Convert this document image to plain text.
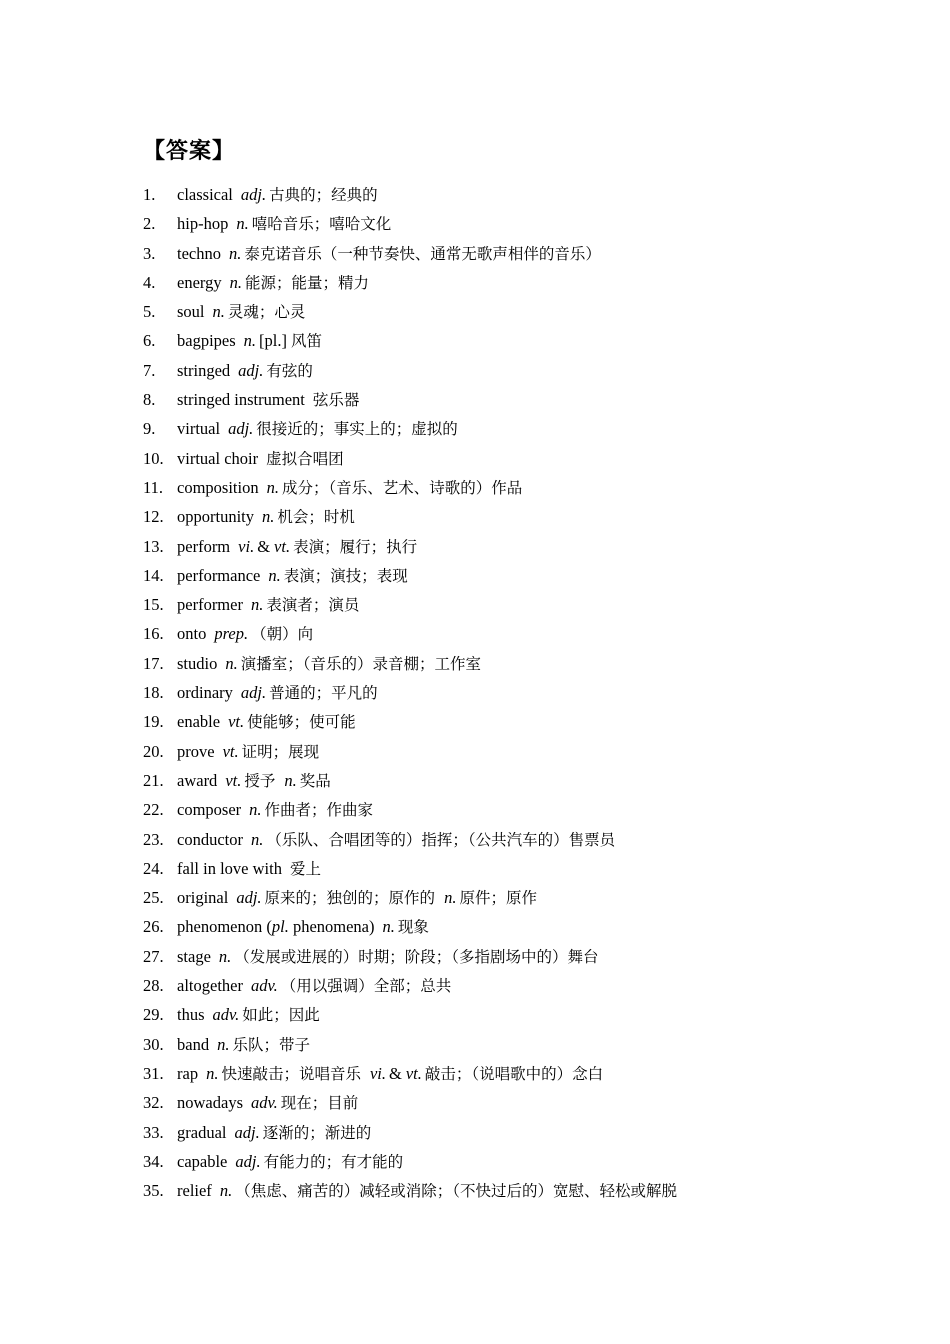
【答案】
1. classical adj. 古典的；经典的
2. hip-hop n. 嘻哈音乐；嘻哈文化
3. techno n. 泰克诺音乐（一种节奏快、通常无歌声相伴的音乐）
4. energy n. 能源；能量；精力
5. soul n. 灵魂；心灵
6. bagpipes n. [pl.] 风笛
7. stringed adj. 有弦的
8. stringed instrument 弦乐器
9. virtual adj. 很接近的；事实上的；虚拟的
10. virtual choir 虚拟合唱团
11. composition n. 成分；（音乐、艺术、诗歌的）作品
12. opportunity n. 机会；时机
13. perform vi. & vt. 表演；履行；执行
14. performance n. 表演；演技；表现
15. performer n. 表演者；演员
16. onto prep. （朝）向
17. studio n. 演播室；（音乐的）录音棚；工作室
18. ordinary adj. 普通的；平凡的
19. enable vt. 使能够；使可能
20. prove vt. 证明；展现
21. award vt. 授予 n. 奖品
22. composer n. 作曲者；作曲家
23. conductor n. （乐队、合唱团等的）指挥；（公共汽车的）售票员
24. fall in love with 爱上
25. original adj. 原来的；独创的；原作的 n. 原件；原作
26. phenomenon (pl. phenomena) n. 现象
27. stage n. （发展或进展的）时期；阶段；（多指剧场中的）舞台
28. altogether adv. （用以强调）全部；总共
29. thus adv. 如此；因此
30. band n. 乐队；带子
31. rap n. 快速敲击；说唱音乐 vi. & vt. 敲击；（说唱歌中的）念白
32. nowadays adv. 现在；目前
33. gradual adj. 逐渐的；渐进的
34. capable adj. 有能力的；有才能的
35. relief n. （焦虑、痛苦的）减轻或消除；（不快过后的）宽慰、轻松或解脱
